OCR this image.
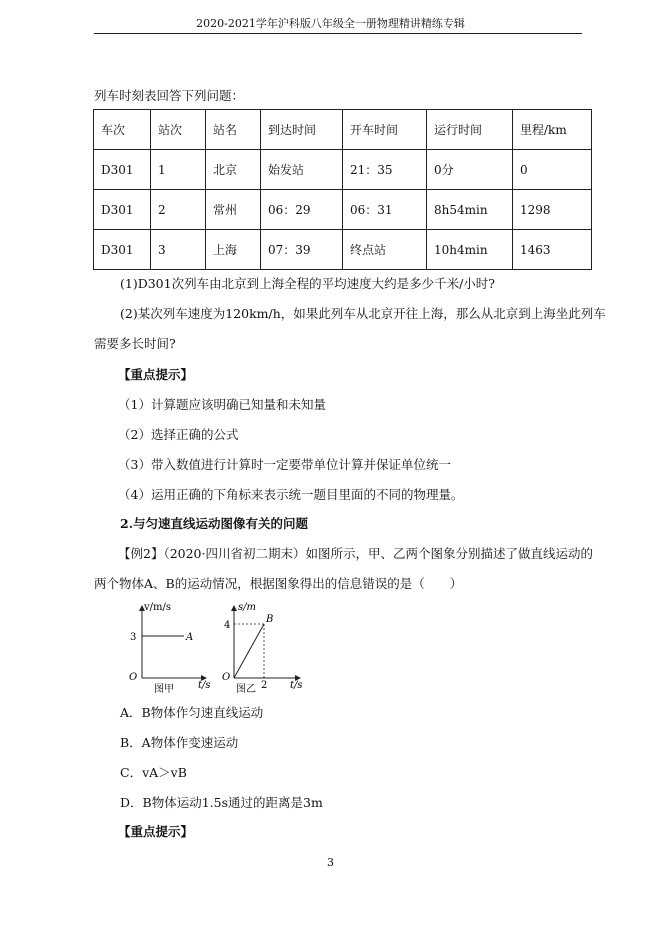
2020-2021学年沪科版八年级全一册物理精讲精练专辑
列车时刻表回答下列问题：
车次	站次	站名	到达时间	开车时间	运行时间	里程/km
D301	1	北京	始发站	21：35	0分	0
D301	2	常州	06：29	06：31	8h54min	1298
D301	3	上海	07：39	终点站	10h4min	1463
(1)D301次列车由北京到上海全程的平均速度大约是多少千米/小时?
(2)某次列车速度为120km/h，如果此列车从北京开往上海，那么从北京到上海坐此列车
需要多长时间?
【重点提示】
（1）计算题应该明确已知量和未知量
（2）选择正确的公式
（3）带入数值进行计算时一定要带单位计算并保证单位统一
（4）运用正确的下角标来表示统一题目里面的不同的物理量。
2.与匀速直线运动图像有关的问题
【例2】（2020·四川省初二期末）如图所示，甲、乙两个图象分别描述了做直线运动的
两个物体A、B的运动情况，根据图象得出的信息错误的是（　　）
v/m/s
3	A
O
t/s
图甲
s/m
4
B
O
2 t/s
图乙
A．B物体作匀速直线运动
B．A物体作变速运动
C．vA＞vB
D．B物体运动1.5s通过的距离是3m
【重点提示】
3
